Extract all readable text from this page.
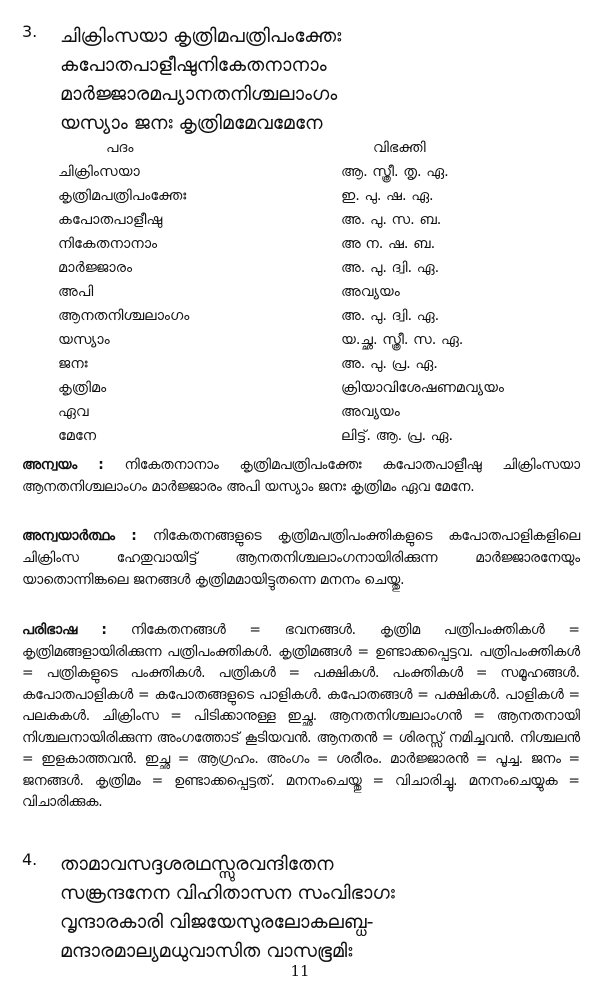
3. ചിക്രിംസയാ കൃത്രിമപത്രിപംക്തേഃ
കപോതപാളീഷുനികേതനാനാം
മാർജ്ജാരമപ്യാനതനിശ്ചലാംഗം
യസ്യാം ജനഃ കൃത്രിമമേവമേനേ
പദം	വിഭക്തി
ചിക്രിംസയാ	ആ. സ്ത്രീ. തൃ. ഏ.
കൃത്രിമപത്രിപംക്തേഃ	ഇ. പു. ഷ. ഏ.
കപോതപാളീഷു	അ. പു. സ. ബ.
നികേതനാനാം	അ ന. ഷ. ബ.
മാർജ്ജാരം	അ. പു. ദ്വി. ഏ.
അപി	അവ്യയം
ആനതനിശ്ചലാംഗം	അ. പു. ദ്വി. ഏ.
യസ്യാം	യ.ച്ഛ. സ്ത്രീ. സ. ഏ.
ജനഃ	അ. പു. പ്ര. ഏ.
കൃത്രിമം	ക്രിയാവിശേഷണമവ്യയം
ഏവ	അവ്യയം
മേനേ	ലിട്ട്. ആ. പ്ര. ഏ.
അന്വയം : നികേതനാനാം കൃത്രിമപത്രിപംക്തേഃ കപോതപാളീഷു ചിക്രിംസയാ ആനതനിശ്ചലാംഗം മാർജ്ജാരം അപി യസ്യാം ജനഃ കൃത്രിമം ഏവ മേനേ.
അന്വയാർത്ഥം : നികേതനങ്ങളുടെ കൃത്രിമപത്രിപംക്തികളുടെ കപോതപാളികളിലെ ചിക്രിംസ ഹേതുവായിട്ട് ആനതനിശ്ചലാംഗനായിരിക്കുന്ന മാർജ്ജാരനേയും യാതൊന്നിങ്കലെ ജനങ്ങൾ കൃത്രിമമായിട്ടുതന്നെ മനനം ചെയ്തു.
പരിഭാഷ : നികേതനങ്ങൾ = ഭവനങ്ങൾ. കൃത്രിമ പത്രിപംക്തികൾ = കൃത്രിമങ്ങളായിരിക്കുന്ന പത്രിപംക്തികൾ. കൃത്രിമങ്ങൾ = ഉണ്ടാക്കപ്പെട്ടവ. പത്രിപംക്തികൾ = പത്രികളുടെ പംക്തികൾ. പത്രികൾ = പക്ഷികൾ. പംക്തികൾ = സമൂഹങ്ങൾ. കപോതപാളികൾ = കപോതങ്ങളുടെ പാളികൾ. കപോതങ്ങൾ = പക്ഷികൾ. പാളികൾ = പലകകൾ. ചിക്രിംസ = പിടിക്കാനുള്ള ഇച്ഛ. ആനതനിശ്ചലാംഗൻ = ആനതനായി നിശ്ചലനായിരിക്കുന്ന അംഗത്തോട് കൂടിയവൻ. ആനതൻ = ശിരസ്സ് നമിച്ചവൻ. നിശ്ചലൻ = ഇളകാത്തവൻ. ഇച്ഛ = ആഗ്രഹം. അംഗം = ശരീരം. മാർജ്ജാരൻ = പൂച്ച. ജനം = ജനങ്ങൾ. കൃത്രിമം = ഉണ്ടാക്കപ്പെട്ടത്. മനനംചെയ്തു = വിചാരിച്ചു. മനനംചെയ്യുക = വിചാരിക്കുക.
4. താമാവസദ്ദശരഥസ്സുരവന്ദിതേന
സങ്ക്രന്ദനേന വിഹിതാസന സംവിഭാഗഃ
വൃന്ദാരകാരി വിജയേസുരലോകലബ്ധ-
മന്ദാരമാല്യമധുവാസിത വാസഭൂമിഃ
11
